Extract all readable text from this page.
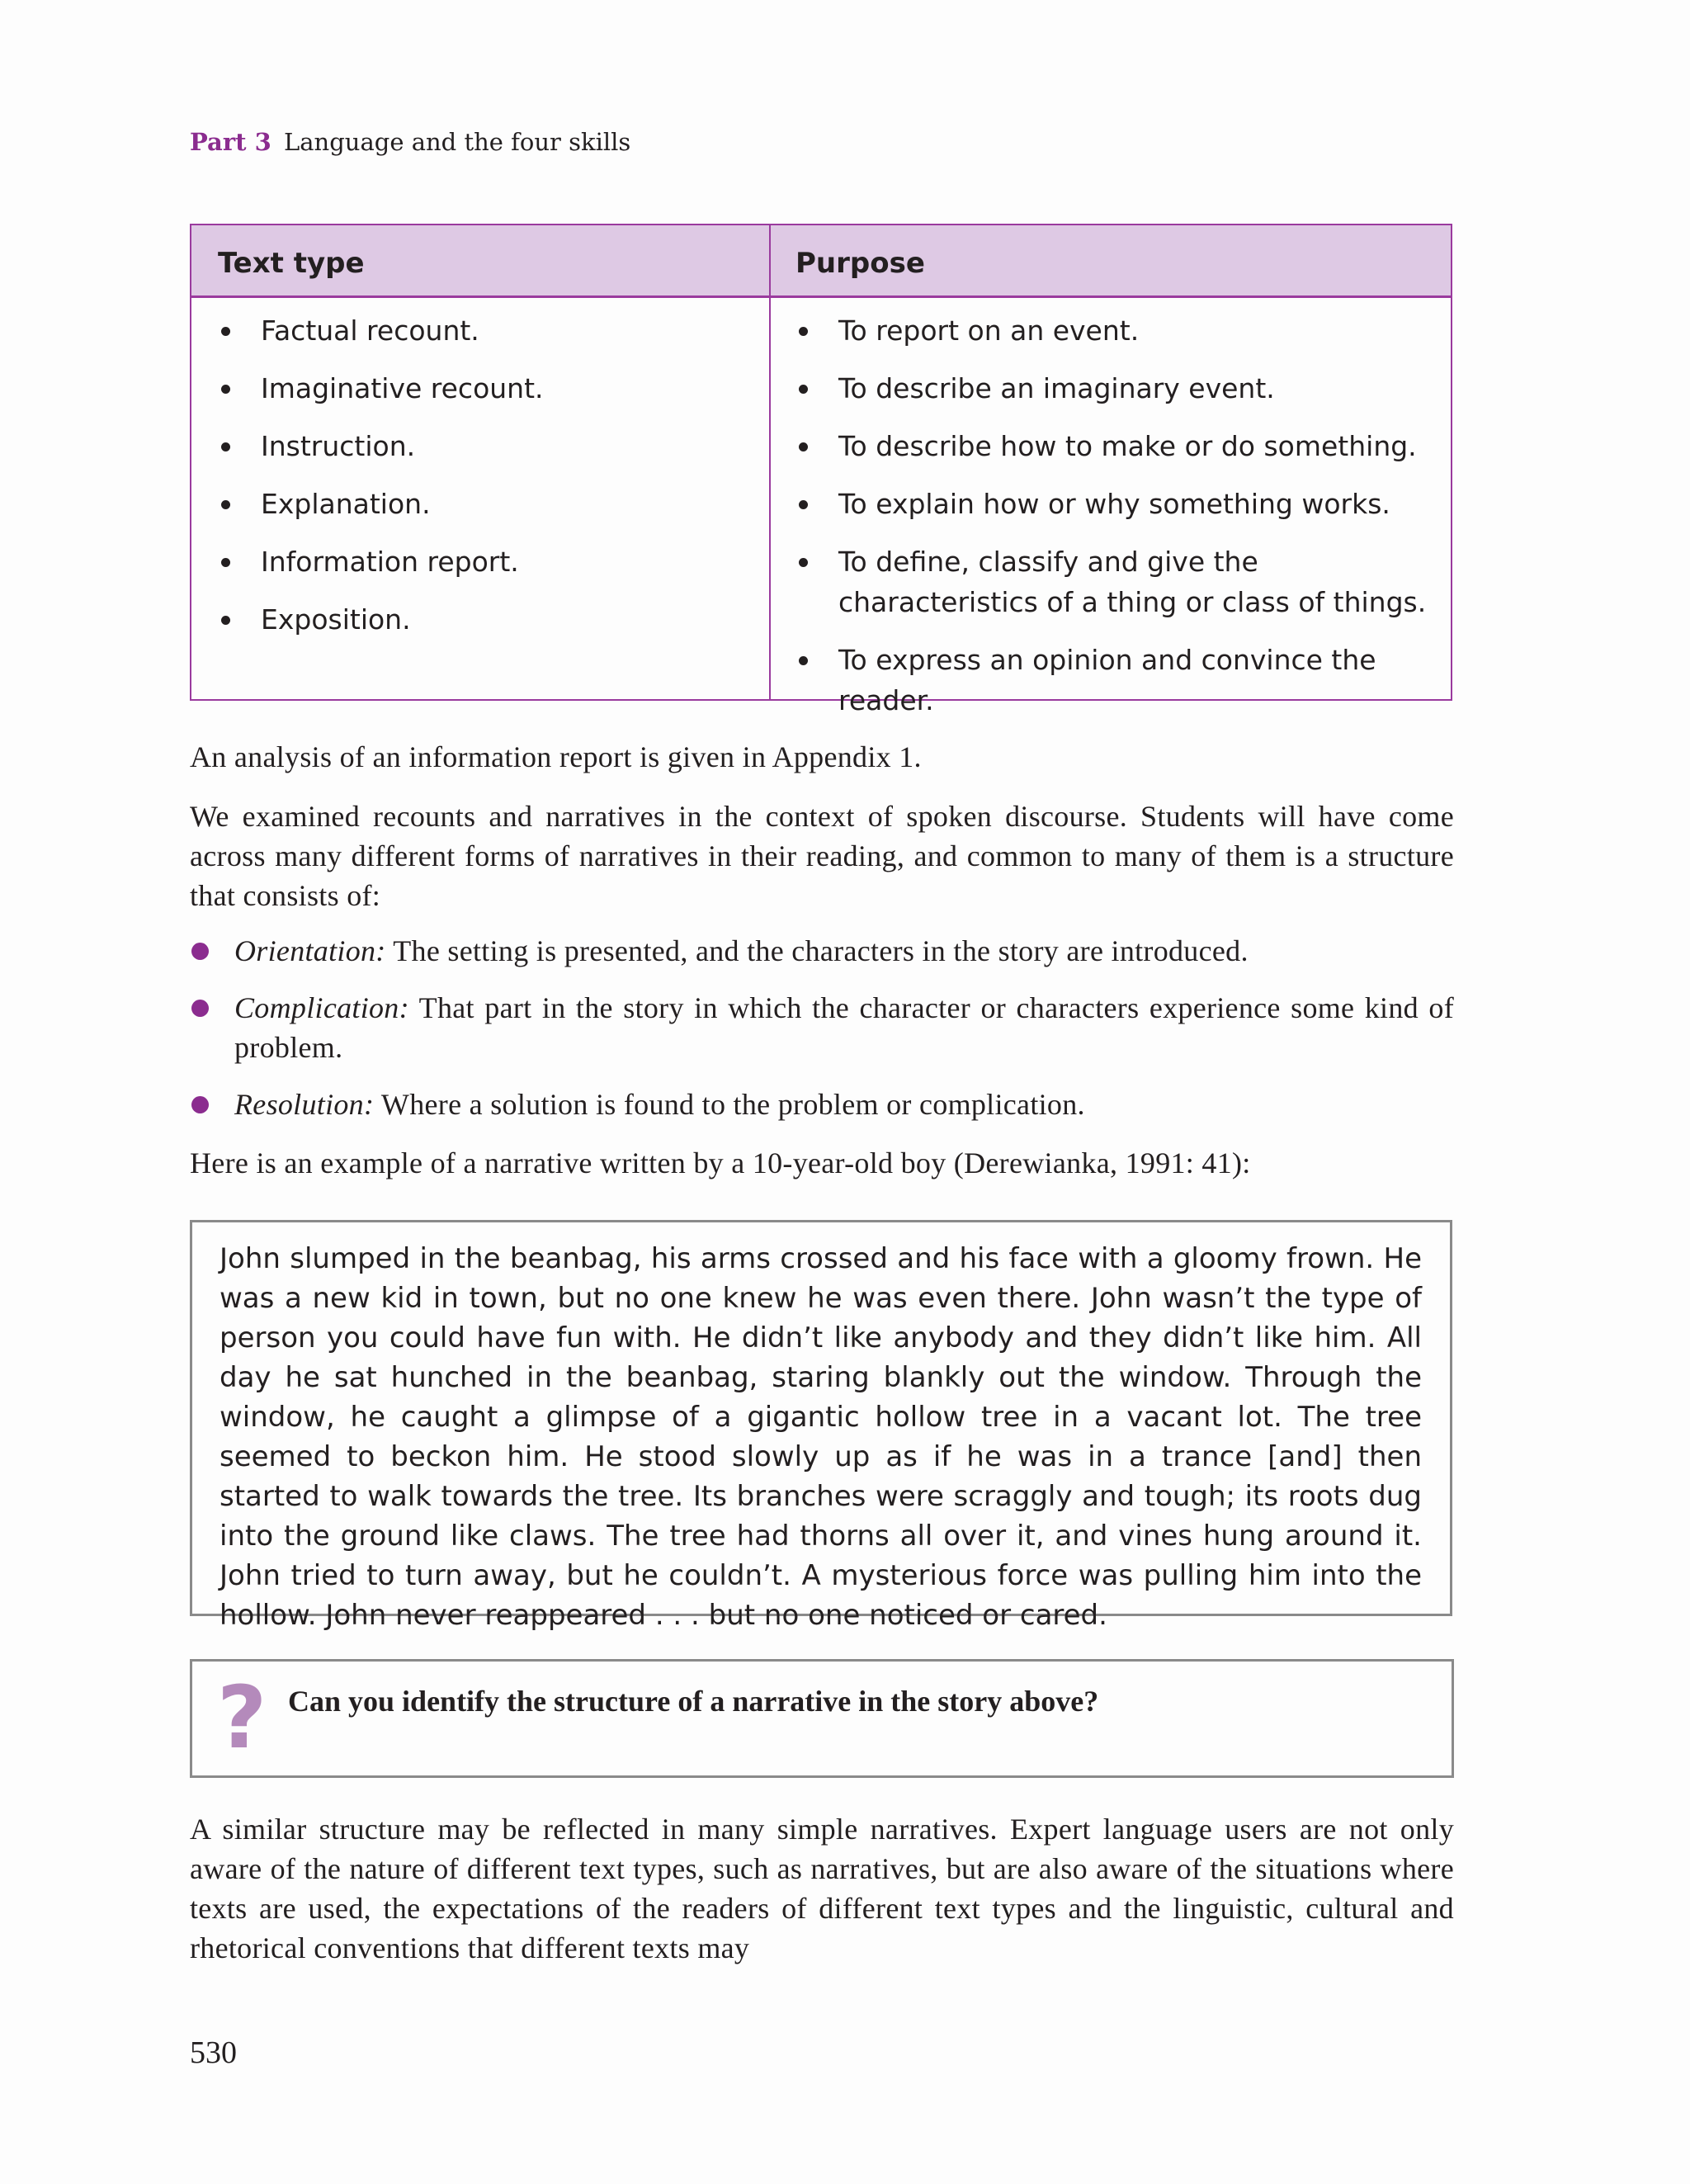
Part 3 Language and the four skills
Text type	Purpose
Factual recount.
Imaginative recount.
Instruction.
Explanation.
Information report.
Exposition.
To report on an event.
To describe an imaginary event.
To describe how to make or do something.
To explain how or why something works.
To define, classify and give the characteristics of a thing or class of things.
To express an opinion and convince the reader.

An analysis of an information report is given in Appendix 1.

We examined recounts and narratives in the context of spoken discourse. Students will have come across many different forms of narratives in their reading, and common to many of them is a structure that consists of:

Orientation: The setting is presented, and the characters in the story are introduced.
Complication: That part in the story in which the character or characters experience some kind of problem.
Resolution: Where a solution is found to the problem or complication.

Here is an example of a narrative written by a 10-year-old boy (Derewianka, 1991: 41):

John slumped in the beanbag, his arms crossed and his face with a gloomy frown. He was a new kid in town, but no one knew he was even there. John wasn’t the type of person you could have fun with. He didn’t like anybody and they didn’t like him. All day he sat hunched in the beanbag, staring blankly out the window. Through the window, he caught a glimpse of a gigantic hollow tree in a vacant lot. The tree seemed to beckon him. He stood slowly up as if he was in a trance [and] then started to walk towards the tree. Its branches were scraggly and tough; its roots dug into the ground like claws. The tree had thorns all over it, and vines hung around it. John tried to turn away, but he couldn’t. A mysterious force was pulling him into the hollow. John never reappeared . . . but no one noticed or cared.
? Can you identify the structure of a narrative in the story above?

A similar structure may be reflected in many simple narratives. Expert language users are not only aware of the nature of different text types, such as narratives, but are also aware of the situations where texts are used, the expectations of the readers of different text types and the linguistic, cultural and rhetorical conventions that different texts may

530
